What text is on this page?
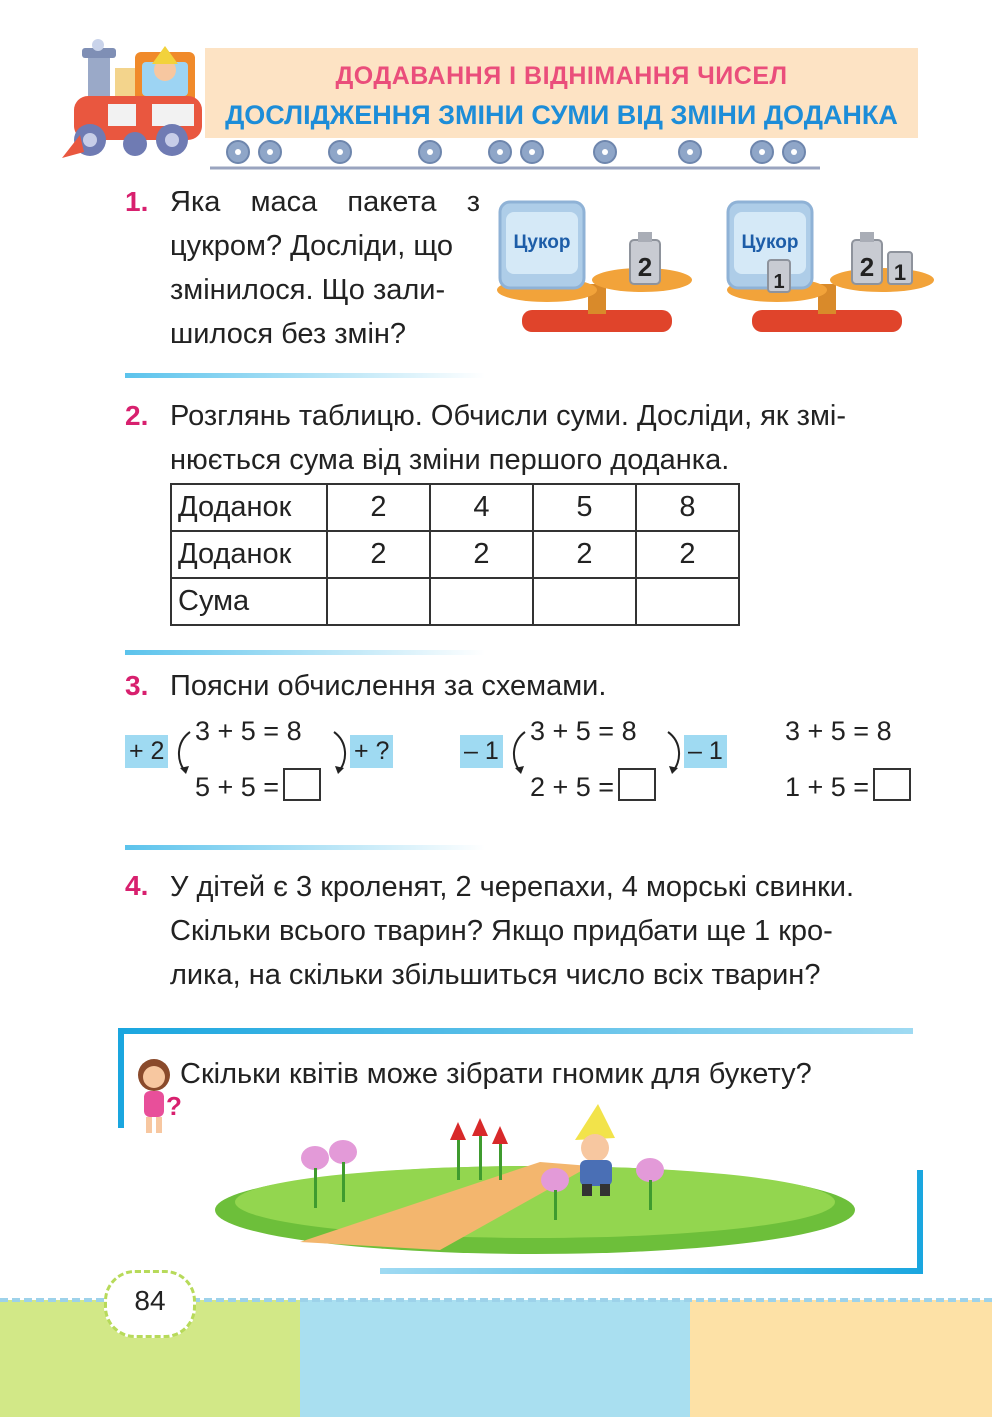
ДОДАВАННЯ І ВІДНІМАННЯ ЧИСЕЛ
ДОСЛІДЖЕННЯ ЗМІНИ СУМИ ВІД ЗМІНИ ДОДАНКА
1. Яка маса пакета з
цукром? Досліди, що
змінилося. Що зали-
шилося без змін?
Цукор
2
Цукор
1	2 1
2. Розглянь таблицю. Обчисли суми. Досліди, як змі-
нюється сума від зміни першого доданка.
Доданок	2	4	5	8
Доданок	2	2	2	2
Сума				
3. Поясни обчислення за схемами.
+ 2
3 + 5 = 8
5 + 5 =
+ ?	– 1
3 + 5 = 8
2 + 5 =
– 1
3 + 5 = 8
1 + 5 =
4. У дітей є 3 кроленят, 2 черепахи, 4 морські свинки.
Скільки всього тварин? Якщо придбати ще 1 кро-
лика, на скільки збільшиться число всіх тварин?
?
Скільки квітів може зібрати гномик для букету?
84
